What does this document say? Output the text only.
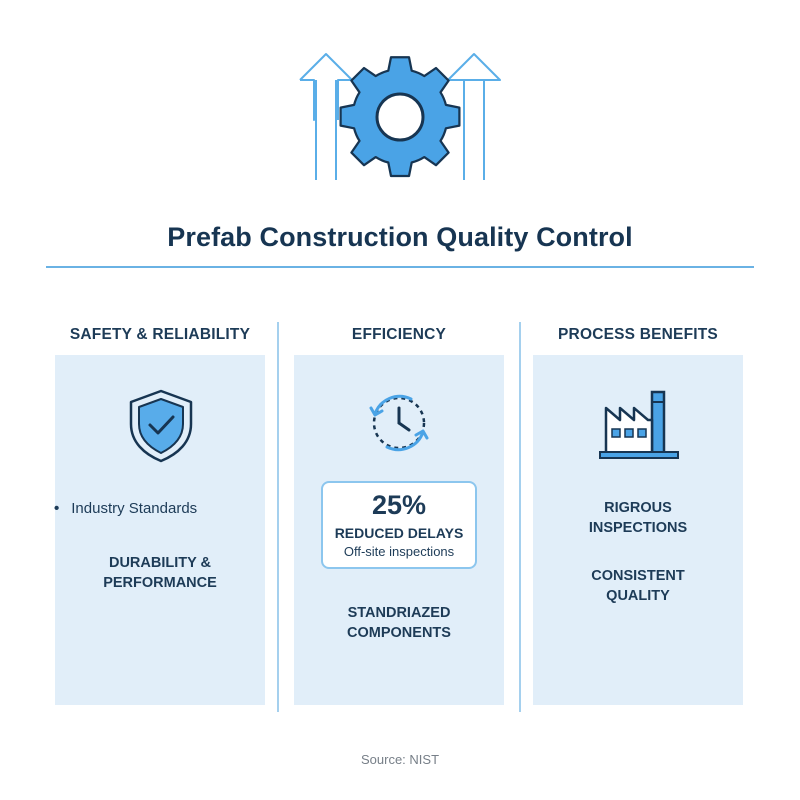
Prefab Construction Quality Control
SAFETY & RELIABILITY
• Industry Standards
DURABILITY &
PERFORMANCE
EFFICIENCY
25%
REDUCED DELAYS
Off-site inspections
STANDRIAZED
COMPONENTS
PROCESS BENEFITS
RIGROUS
INSPECTIONS
CONSISTENT
QUALITY
Source: NIST
